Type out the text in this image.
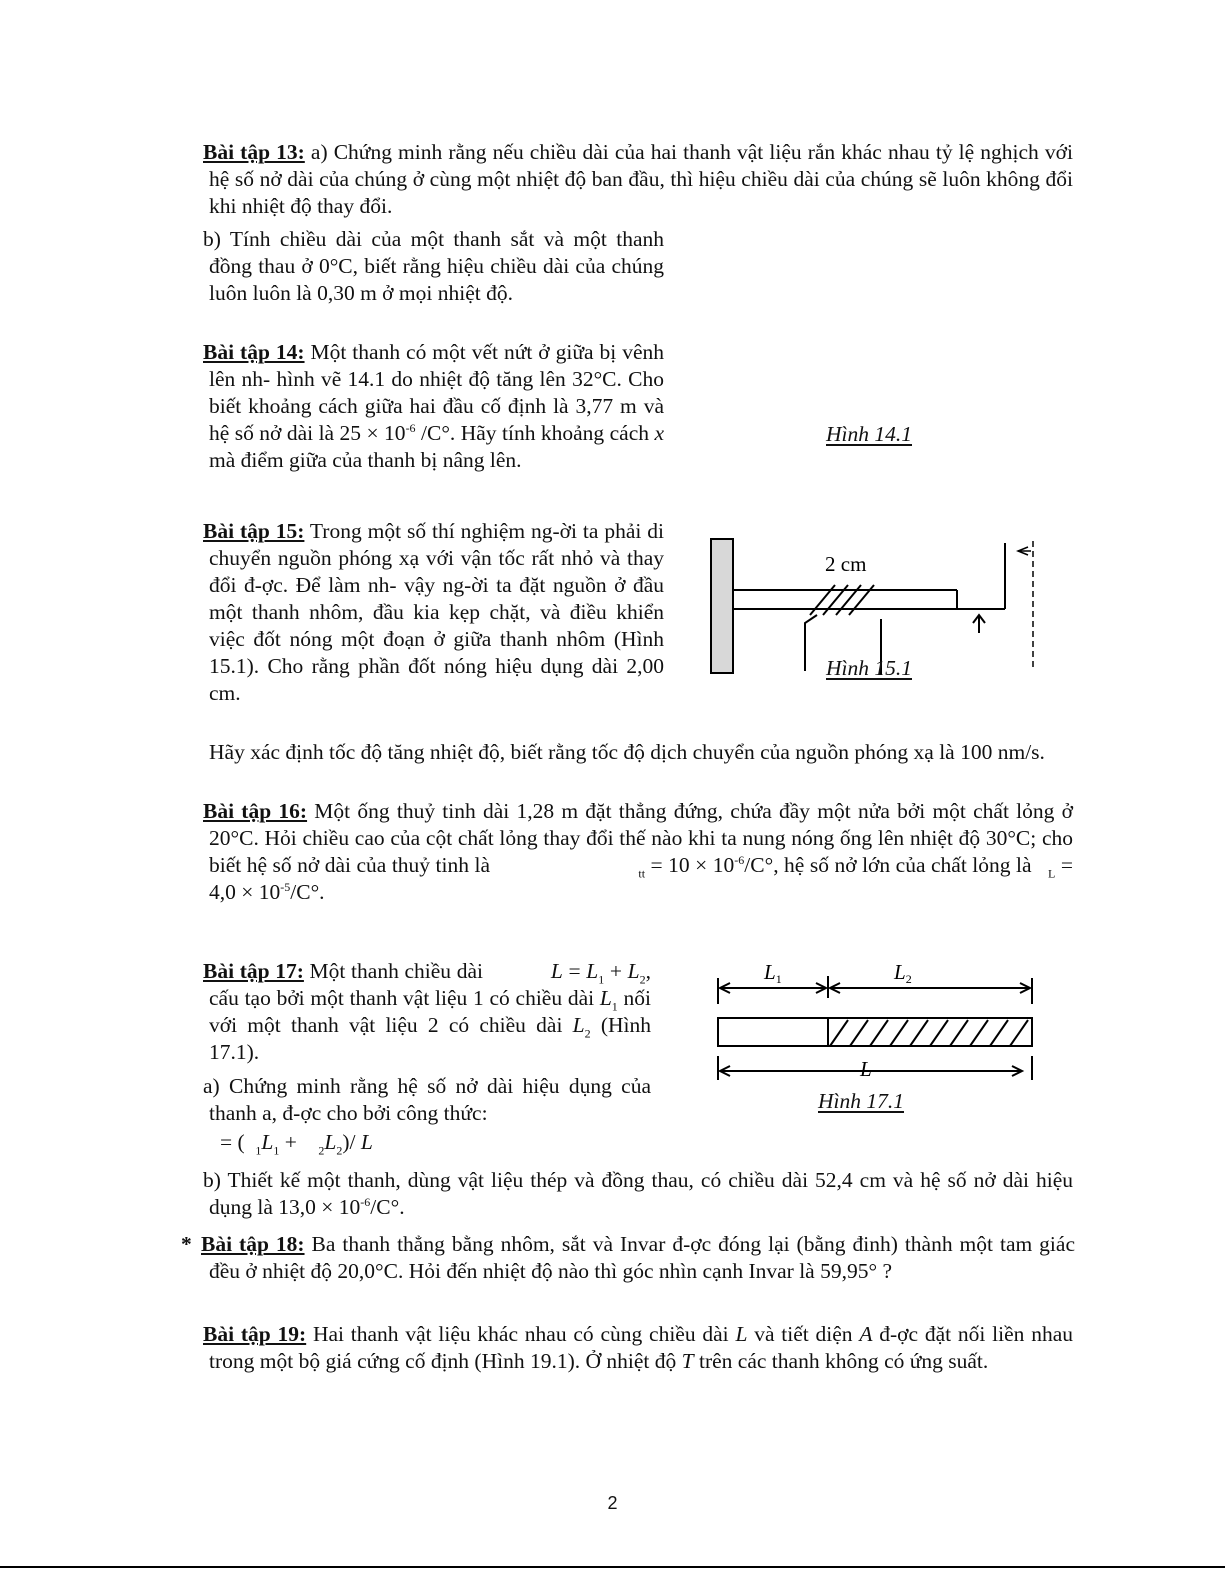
Bài tập 13: a) Chứng minh rằng nếu chiều dài của hai thanh vật liệu rắn khác nhau tỷ lệ nghịch với hệ số nở dài của chúng ở cùng một nhiệt độ ban đầu, thì hiệu chiều dài của chúng sẽ luôn không đổi khi nhiệt độ thay đổi.
b) Tính chiều dài của một thanh sắt và một thanh đồng thau ở 0°C, biết rằng hiệu chiều dài của chúng luôn luôn là 0,30 m ở mọi nhiệt độ.
Bài tập 14: Một thanh có một vết nứt ở giữa bị vênh lên nh- hình vẽ 14.1 do nhiệt độ tăng lên 32°C. Cho biết khoảng cách giữa hai đầu cố định là 3,77 m và hệ số nở dài là $25 \times 10^{-6}$ /C°. Hãy tính khoảng cách x mà điểm giữa của thanh bị nâng lên.
Hình 14.1
Bài tập 15: Trong một số thí nghiệm ng-ời ta phải di chuyển nguồn phóng xạ với vận tốc rất nhỏ và thay đổi đ-ợc. Để làm nh- vậy ng-ời ta đặt nguồn ở đầu một thanh nhôm, đầu kia kẹp chặt, và điều khiển việc đốt nóng một đoạn ở giữa thanh nhôm (Hình 15.1). Cho rằng phần đốt nóng hiệu dụng dài 2,00 cm.
2 cm
Hình 15.1
Hãy xác định tốc độ tăng nhiệt độ, biết rằng tốc độ dịch chuyển của nguồn phóng xạ là 100 nm/s.
Bài tập 16: Một ống thuỷ tinh dài 1,28 m đặt thẳng đứng, chứa đầy một nửa bởi một chất lỏng ở 20°C. Hỏi chiều cao của cột chất lỏng thay đổi thế nào khi ta nung nóng ống lên nhiệt độ 30°C; cho biết hệ số nở dài của thuỷ tinh là	$_{tt} = 10 \times 10^{-6}/C^\circ$, hệ số nở lớn của chất lỏng là $_L = 4,0 \times 10^{-5}/C^\circ$.
Bài tập 17: Một thanh chiều dài	$L = L_1 + L_2$, cấu tạo bởi một thanh vật liệu 1 có chiều dài $L_1$ nối với một thanh vật liệu 2 có chiều dài $L_2$ (Hình 17.1).
a) Chứng minh rằng hệ số nở dài hiệu dụng của thanh a, đ-ợc cho bởi công thức:
= ( $_1L_1$ +    $_2L_2)/$ L
L1	L2
L
Hình 17.1
b) Thiết kế một thanh, dùng vật liệu thép và đồng thau, có chiều dài 52,4 cm và hệ số nở dài hiệu dụng là $13,0 \times 10^{-6}/C^\circ$.
* Bài tập 18: Ba thanh thẳng bằng nhôm, sắt và Invar đ-ợc đóng lại (bằng đinh) thành một tam giác đều ở nhiệt độ 20,0°C. Hỏi đến nhiệt độ nào thì góc nhìn cạnh Invar là 59,95° ?
Bài tập 19: Hai thanh vật liệu khác nhau có cùng chiều dài L và tiết diện A đ-ợc đặt nối liền nhau trong một bộ giá cứng cố định (Hình 19.1). Ở nhiệt độ T trên các thanh không có ứng suất.
2
